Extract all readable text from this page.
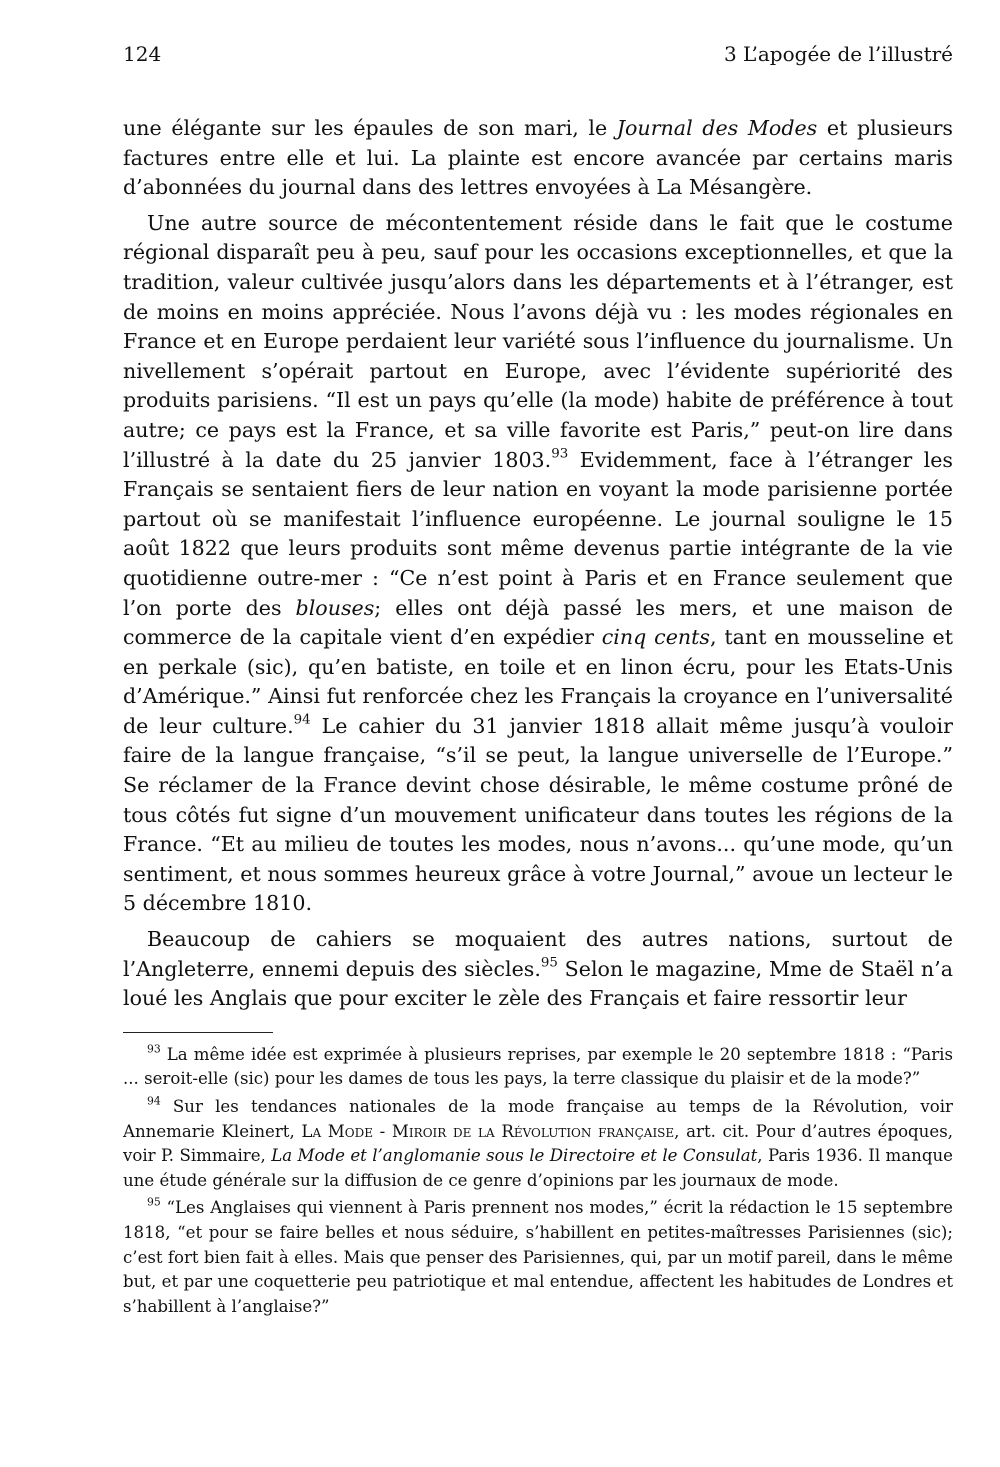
124	3 L’apogée de l’illustré

une élégante sur les épaules de son mari, le Journal des Modes et plusieurs factures entre elle et lui. La plainte est encore avancée par certains maris d’abonnées du journal dans des lettres envoyées à La Mésangère.

Une autre source de mécontentement réside dans le fait que le costume régional disparaît peu à peu, sauf pour les occasions exceptionnelles, et que la tradition, valeur cultivée jusqu’alors dans les départements et à l’étranger, est de moins en moins appréciée. Nous l’avons déjà vu : les modes régionales en France et en Europe perdaient leur variété sous l’influence du journalisme. Un nivellement s’opérait partout en Europe, avec l’évidente supériorité des produits parisiens. “Il est un pays qu’elle (la mode) habite de préférence à tout autre; ce pays est la France, et sa ville favorite est Paris,” peut-on lire dans l’illustré à la date du 25 janvier 1803.93 Evidemment, face à l’étranger les Français se sentaient fiers de leur nation en voyant la mode parisienne portée partout où se manifestait l’influence européenne. Le journal souligne le 15 août 1822 que leurs produits sont même devenus partie intégrante de la vie quotidienne outre-mer : “Ce n’est point à Paris et en France seulement que l’on porte des blouses; elles ont déjà passé les mers, et une maison de commerce de la capitale vient d’en expédier cinq cents, tant en mousseline et en perkale (sic), qu’en batiste, en toile et en linon écru, pour les Etats-Unis d’Amérique.” Ainsi fut renforcée chez les Français la croyance en l’universalité de leur culture.$^{94}$ Le cahier du 31 janvier 1818 allait même jusqu’à vouloir faire de la langue française, “s’il se peut, la langue universelle de l’Europe.” Se réclamer de la France devint chose désirable, le même costume prôné de tous côtés fut signe d’un mouvement unificateur dans toutes les régions de la France. “Et au milieu de toutes les modes, nous n’avons... qu’une mode, qu’un sentiment, et nous sommes heureux grâce à votre Journal,” avoue un lecteur le 5 décembre 1810.

Beaucoup de cahiers se moquaient des autres nations, surtout de l’Angleterre, ennemi depuis des siècles.$^{95}$ Selon le magazine, Mme de Staël n’a loué les Anglais que pour exciter le zèle des Français et faire ressortir leur

$^{93}$ La même idée est exprimée à plusieurs reprises, par exemple le 20 septembre 1818 : “Paris ... seroit-elle (sic) pour les dames de tous les pays, la terre classique du plaisir et de la mode?”

$^{94}$ Sur les tendances nationales de la mode française au temps de la Révolution, voir Annemarie Kleinert, La Mode - Miroir de la Révolution française, art. cit. Pour d’autres époques, voir P. Simmaire, La Mode et l’anglomanie sous le Directoire et le Consulat, Paris 1936. Il manque une étude générale sur la diffusion de ce genre d’opinions par les journaux de mode.

$^{95}$ “Les Anglaises qui viennent à Paris prennent nos modes,” écrit la rédaction le 15 septembre 1818, “et pour se faire belles et nous séduire, s’habillent en petites-maîtresses Parisiennes (sic); c’est fort bien fait à elles. Mais que penser des Parisiennes, qui, par un motif pareil, dans le même but, et par une coquetterie peu patriotique et mal entendue, affectent les habitudes de Londres et s’habillent à l’anglaise?”
